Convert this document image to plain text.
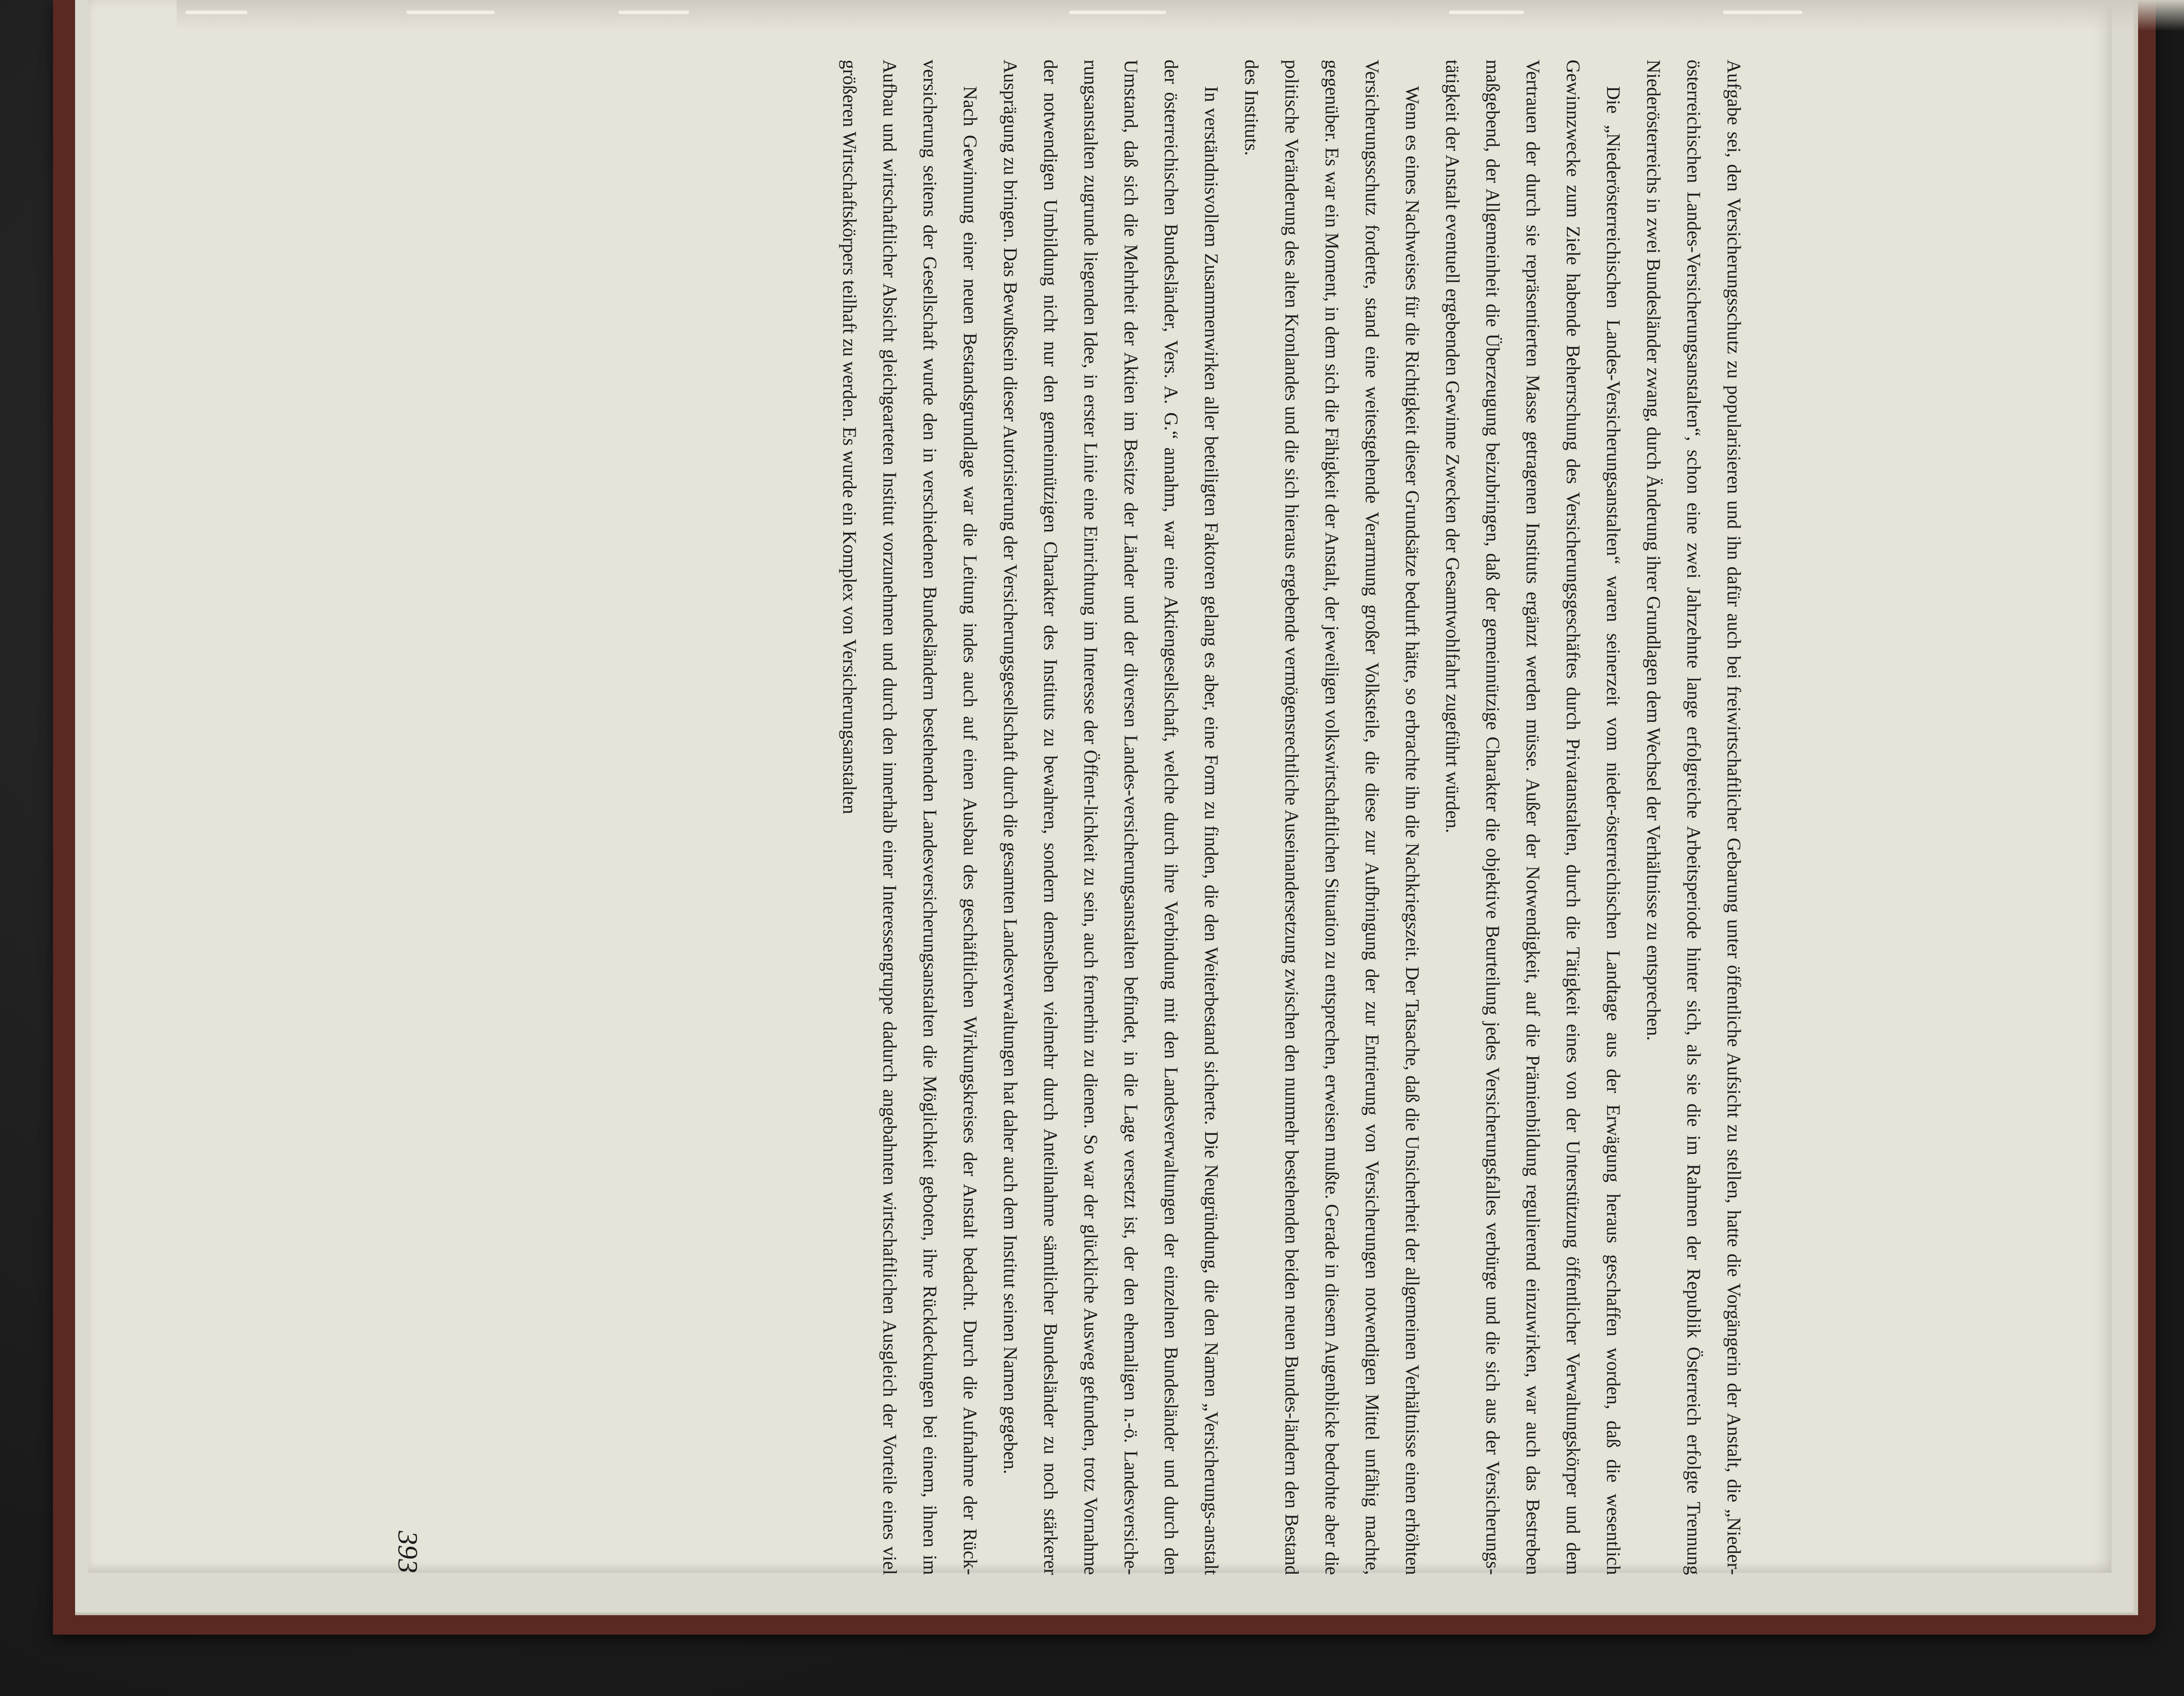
Aufgabe sei, den Versicherungsschutz zu popularisieren und ihn dafür auch bei freiwirtschaftlicher Gebarung unter öffentliche Aufsicht zu stellen, hatte die Vorgängerin der Anstalt, die „Nieder-österreichischen Landes-Versicherungsanstalten“, schon eine zwei Jahrzehnte lange erfolgreiche Arbeitsperiode hinter sich, als sie die im Rahmen der Republik Österreich erfolgte Trennung Niederösterreichs in zwei Bundesländer zwang, durch Änderung ihrer Grundlagen dem Wechsel der Verhältnisse zu entsprechen.

Die „Niederösterreichischen Landes-Versicherungsanstalten“ waren seinerzeit vom nieder-österreichischen Landtage aus der Erwägung heraus geschaffen worden, daß die wesentlich Gewinnzwecke zum Ziele habende Beherrschung des Versicherungsgeschäftes durch Privatanstalten, durch die Tätigkeit eines von der Unterstützung öffentlicher Verwaltungskörper und dem Vertrauen der durch sie repräsentierten Masse getragenen Instituts ergänzt werden müsse. Außer der Notwendigkeit, auf die Prämienbildung regulierend einzuwirken, war auch das Bestreben maßgebend, der Allgemeinheit die Überzeugung beizubringen, daß der gemeinnützige Charakter die objektive Beurteilung jedes Versicherungsfalles verbürge und die sich aus der Versicherungs-tätigkeit der Anstalt eventuell ergebenden Gewinne Zwecken der Gesamtwohlfahrt zugeführt würden.

Wenn es eines Nachweises für die Richtigkeit dieser Grundsätze bedurft hätte, so erbrachte ihn die Nachkriegszeit. Der Tatsache, daß die Unsicherheit der allgemeinen Verhältnisse einen erhöhten Versicherungsschutz forderte, stand eine weitestgehende Verarmung großer Volksteile, die diese zur Aufbringung der zur Entrierung von Versicherungen notwendigen Mittel unfähig machte, gegenüber. Es war ein Moment, in dem sich die Fähigkeit der Anstalt, der jeweiligen volkswirtschaftlichen Situation zu entsprechen, erweisen mußte. Gerade in diesem Augenblicke bedrohte aber die politische Veränderung des alten Kronlandes und die sich hieraus ergebende vermögensrechtliche Auseinandersetzung zwischen den nunmehr bestehenden beiden neuen Bundes-ländern den Bestand des Instituts.

In verständnisvollem Zusammenwirken aller beteiligten Faktoren gelang es aber, eine Form zu finden, die den Weiterbestand sicherte. Die Neugründung, die den Namen „Versicherungs-anstalt der österreichischen Bundesländer, Vers. A. G.“ annahm, war eine Aktiengesellschaft, welche durch ihre Verbindung mit den Landesverwaltungen der einzelnen Bundesländer und durch den Umstand, daß sich die Mehrheit der Aktien im Besitze der Länder und der diversen Landes-versicherungsanstalten befindet, in die Lage versetzt ist, der den ehemaligen n.-ö. Landesversiche-rungsanstalten zugrunde liegenden Idee, in erster Linie eine Einrichtung im Interesse der Öffent-lichkeit zu sein, auch fernerhin zu dienen. So war der glückliche Ausweg gefunden, trotz Vornahme der notwendigen Umbildung nicht nur den gemeinnützigen Charakter des Instituts zu bewahren, sondern demselben vielmehr durch Anteilnahme sämtlicher Bundesländer zu noch stärkerer Ausprägung zu bringen. Das Bewußtsein dieser Autorisierung der Versicherungsgesellschaft durch die gesamten Landesverwaltungen hat daher auch dem Institut seinen Namen gegeben.

Nach Gewinnung einer neuen Bestandsgrundlage war die Leitung indes auch auf einen Ausbau des geschäftlichen Wirkungskreises der Anstalt bedacht. Durch die Aufnahme der Rück-versicherung seitens der Gesellschaft wurde den in verschiedenen Bundesländern bestehenden Landesversicherungsanstalten die Möglichkeit geboten, ihre Rückdeckungen bei einem, ihnen im Aufbau und wirtschaftlicher Absicht gleichgearteten Institut vorzunehmen und durch den innerhalb einer Interessengruppe dadurch angebahnten wirtschaftlichen Ausgleich der Vorteile eines viel größeren Wirtschaftskörpers teilhaft zu werden. Es wurde ein Komplex von Versicherungsanstalten

393
